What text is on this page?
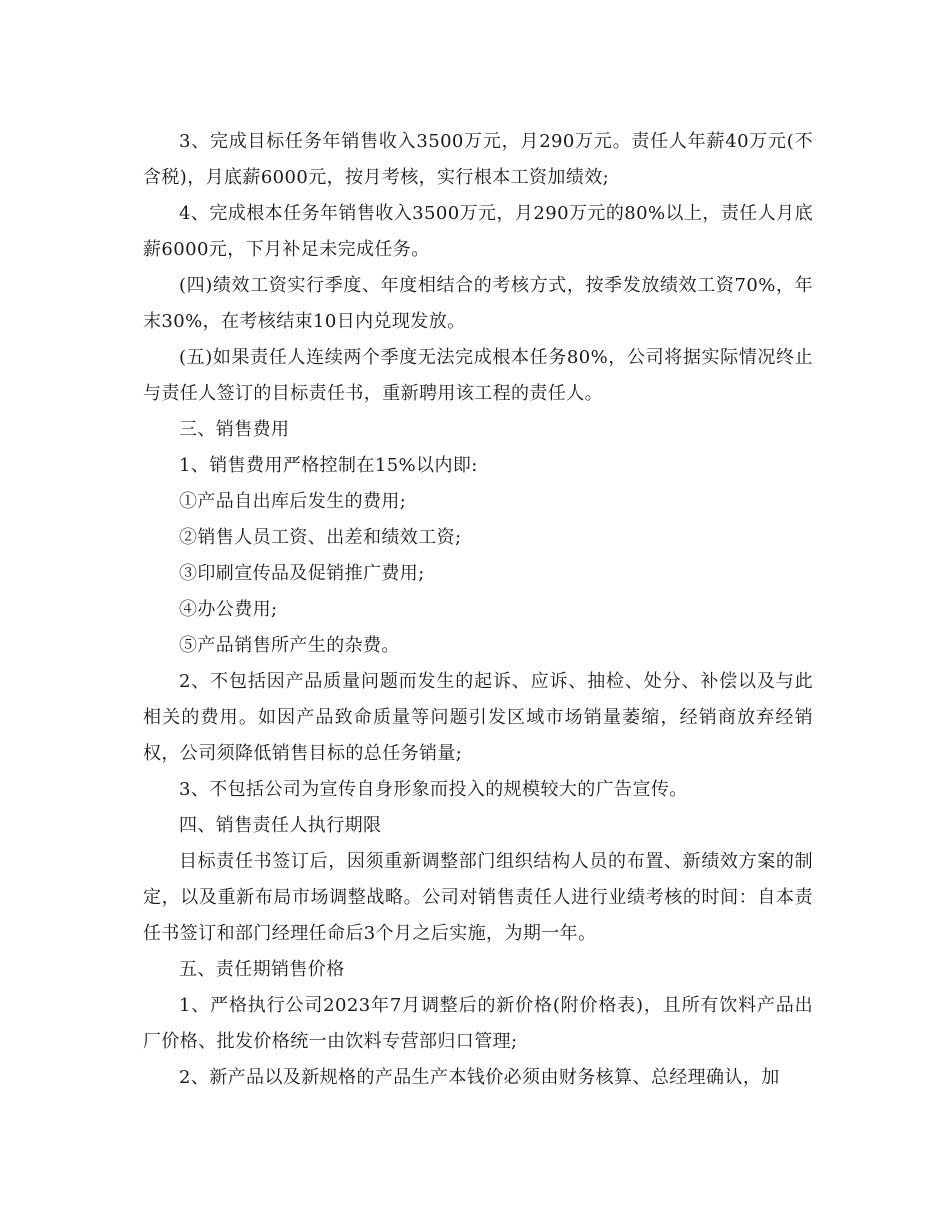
3、完成目标任务年销售收入3500万元，月290万元。责任人年薪40万元(不含税)，月底薪6000元，按月考核，实行根本工资加绩效;

4、完成根本任务年销售收入3500万元，月290万元的80%以上，责任人月底薪6000元，下月补足未完成任务。

(四)绩效工资实行季度、年度相结合的考核方式，按季发放绩效工资70%，年末30%，在考核结束10日内兑现发放。

(五)如果责任人连续两个季度无法完成根本任务80%，公司将据实际情况终止与责任人签订的目标责任书，重新聘用该工程的责任人。

三、销售费用

1、销售费用严格控制在15%以内即:

①产品自出库后发生的费用;

②销售人员工资、出差和绩效工资;

③印刷宣传品及促销推广费用;

④办公费用;

⑤产品销售所产生的杂费。

2、不包括因产品质量问题而发生的起诉、应诉、抽检、处分、补偿以及与此相关的费用。如因产品致命质量等问题引发区域市场销量萎缩，经销商放弃经销权，公司须降低销售目标的总任务销量;

3、不包括公司为宣传自身形象而投入的规模较大的广告宣传。

四、销售责任人执行期限

目标责任书签订后，因须重新调整部门组织结构人员的布置、新绩效方案的制定，以及重新布局市场调整战略。公司对销售责任人进行业绩考核的时间：自本责任书签订和部门经理任命后3个月之后实施，为期一年。

五、责任期销售价格

1、严格执行公司2023年7月调整后的新价格(附价格表)，且所有饮料产品出厂价格、批发价格统一由饮料专营部归口管理;

2、新产品以及新规格的产品生产本钱价必须由财务核算、总经理确认，加
